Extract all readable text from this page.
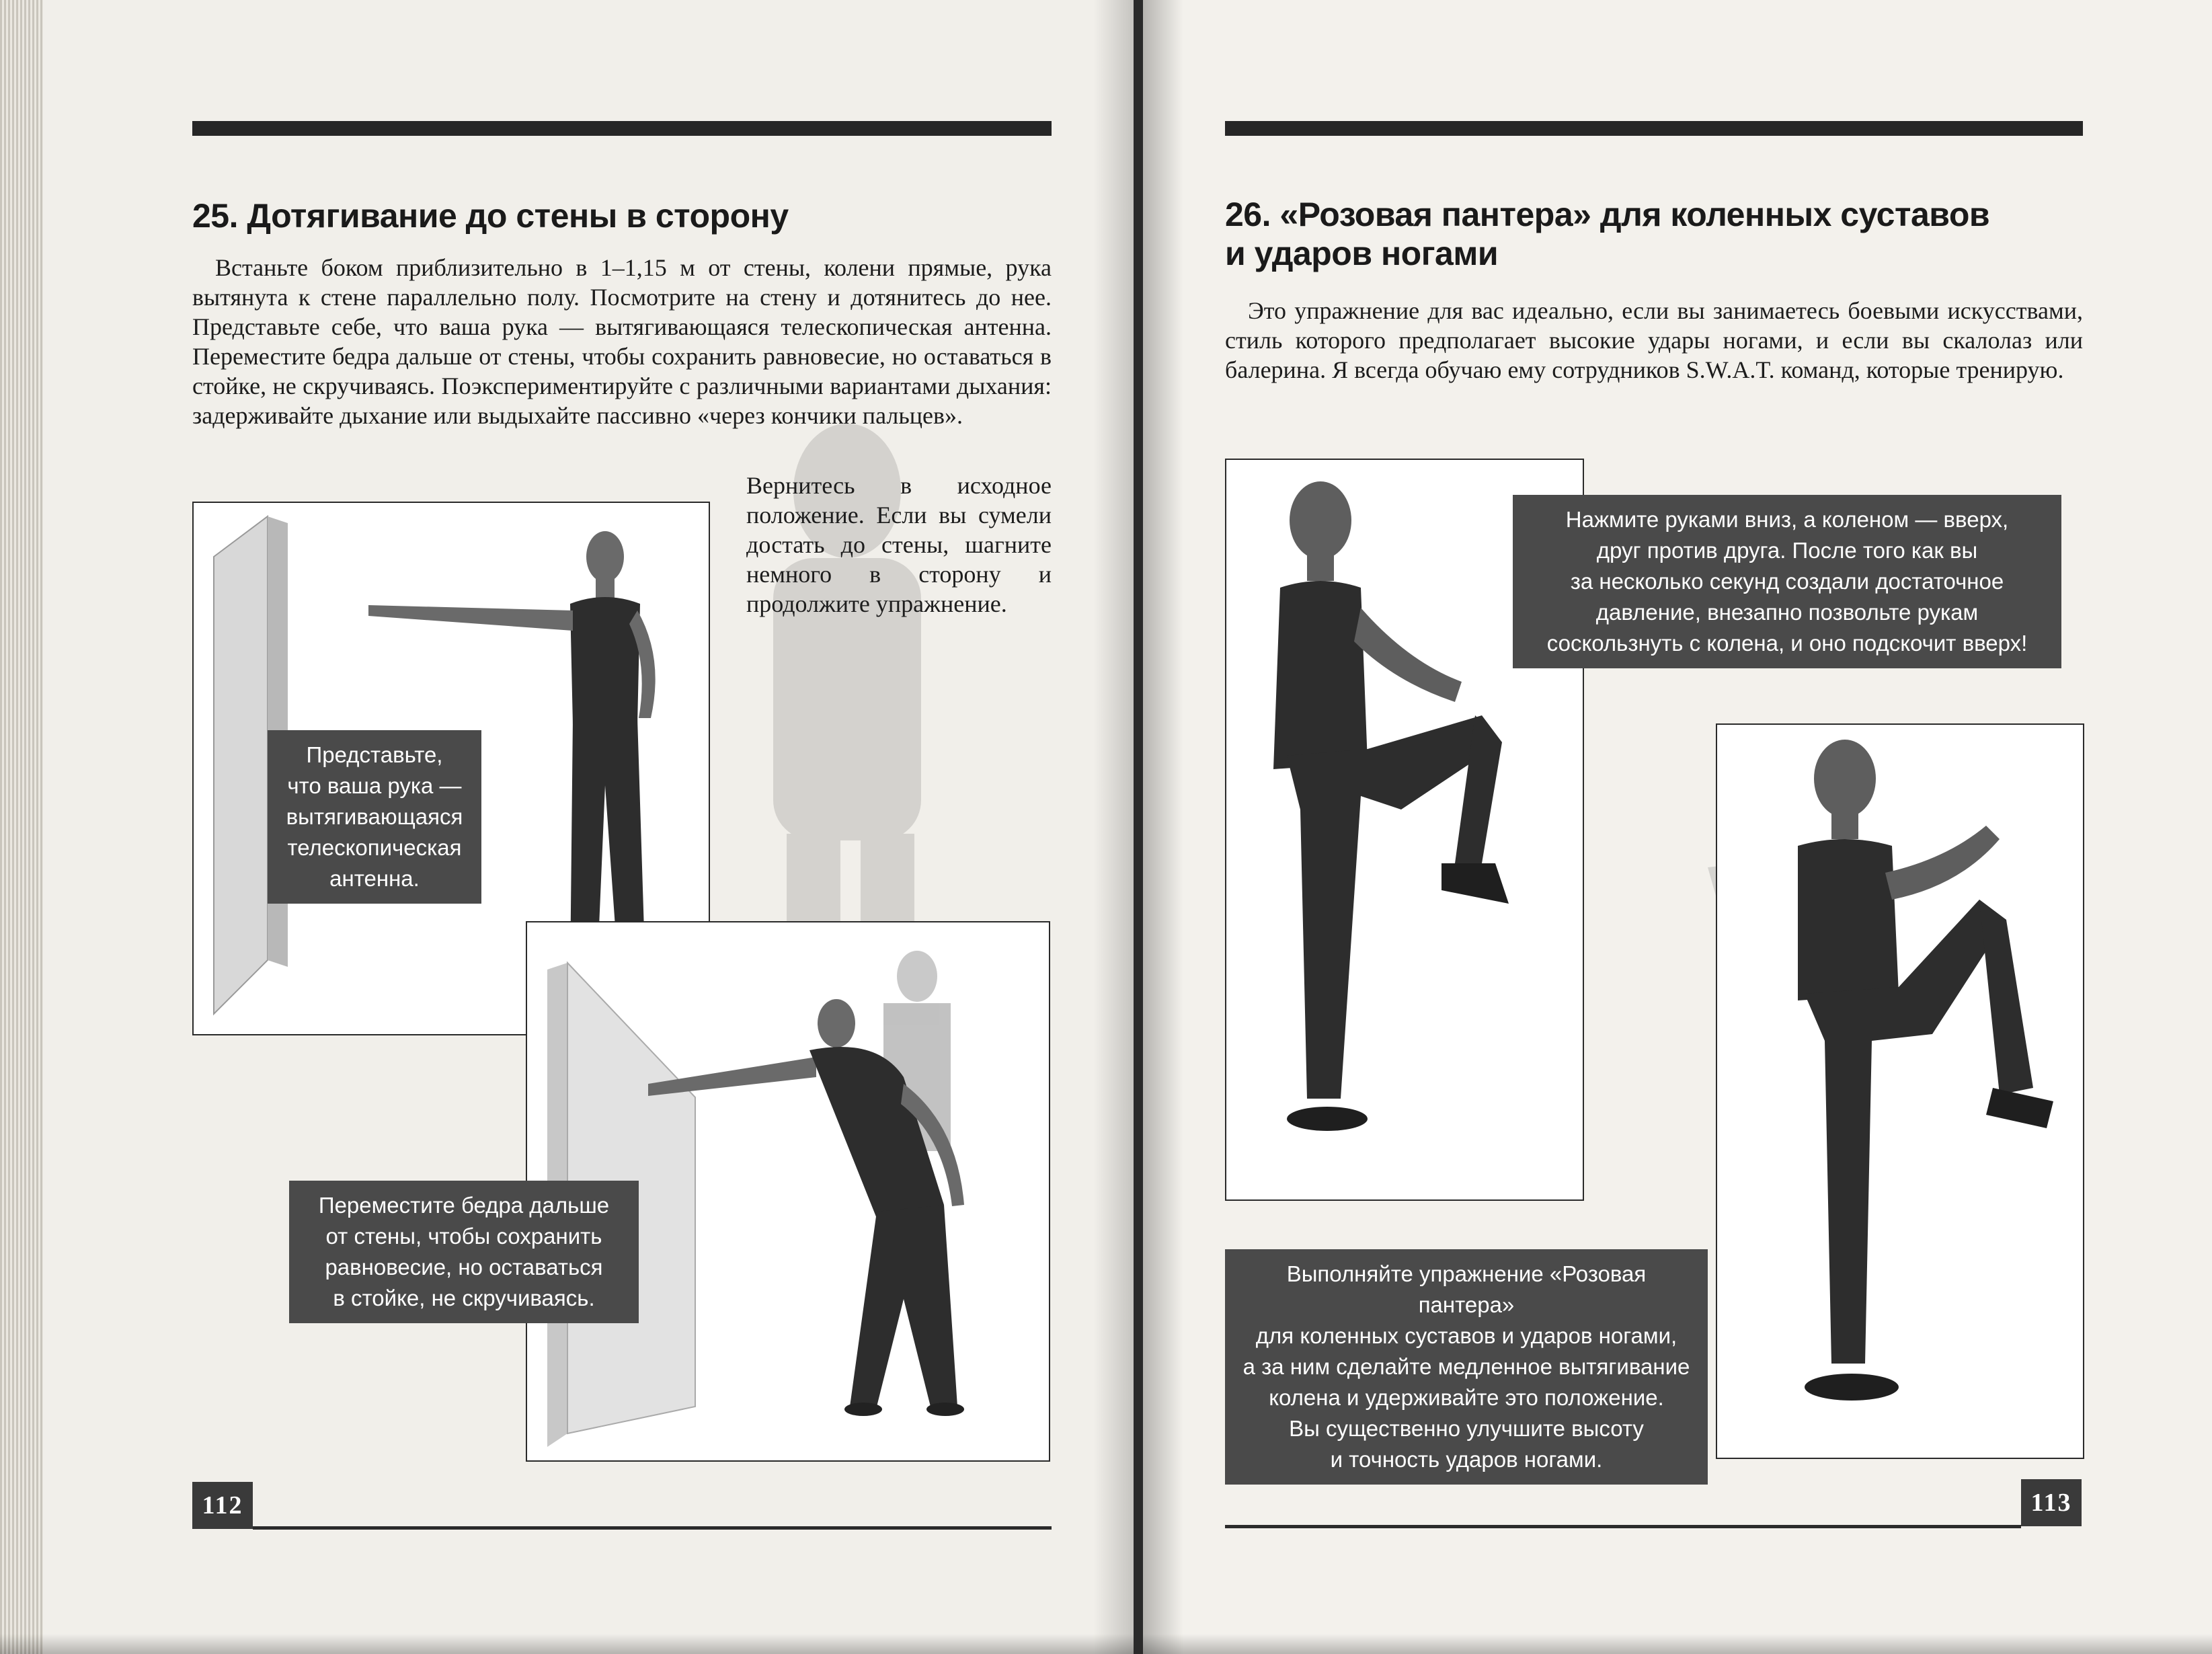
25. Дотягивание до стены в сторону

Встаньте боком приблизительно в 1–1,15 м от стены, колени прямые, рука вытянута к стене параллельно полу. Посмотрите на стену и дотянитесь до нее. Представьте себе, что ваша рука — вытягивающаяся телескопическая антенна. Переместите бедра дальше от стены, чтобы сохранить равновесие, но оставаться в стойке, не скручиваясь. Поэкспериментируйте с различными вариантами дыхания: задерживайте дыхание или выдыхайте пассивно «через кончики пальцев».

Вернитесь в исходное положение. Если вы сумели достать до стены, шагните немного в сторону и продолжите упражнение.

Представьте,
что ваша рука —
вытягивающаяся
телескопическая
антенна.
Переместите бедра дальше
от стены, чтобы сохранить
равновесие, но оставаться
в стойке, не скручиваясь.
112
26. «Розовая пантера» для коленных суставов
и ударов ногами

Это упражнение для вас идеально, если вы занимаетесь боевыми искусствами, стиль которого предполагает высокие удары ногами, и если вы скалолаз или балерина. Я всегда обучаю ему сотрудников S.W.A.T. команд, которые тренирую.

Нажмите руками вниз, а коленом — вверх,
друг против друга. После того как вы
за несколько секунд создали достаточное
давление, внезапно позвольте рукам
соскользнуть с колена, и оно подскочит вверх!
Выполняйте упражнение «Розовая пантера»
для коленных суставов и ударов ногами,
а за ним сделайте медленное вытягивание
колена и удерживайте это положение.
Вы существенно улучшите высоту
и точность ударов ногами.
113
